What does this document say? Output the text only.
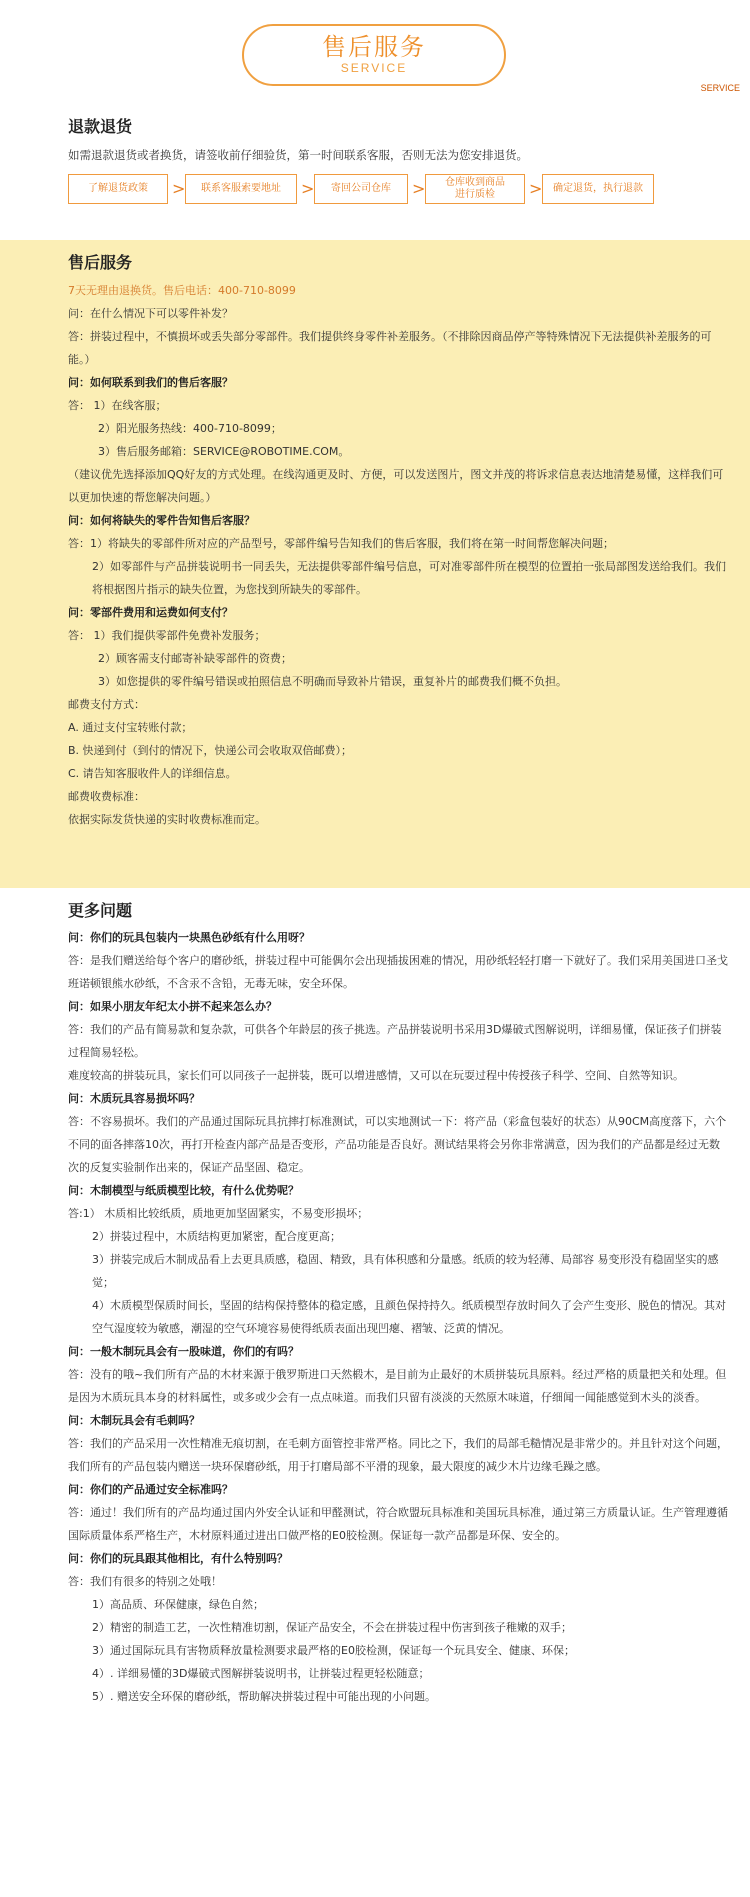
售后服务
SERVICE
SERVICE
退款退货
如需退款退货或者换货，请签收前仔细验货，第一时间联系客服，否则无法为您安排退货。
了解退货政策	>	联系客服索要地址	>	寄回公司仓库	>	仓库收到商品
进行质检	>	确定退货，执行退款
售后服务
7天无理由退换货。售后电话：400-710-8099

问：在什么情况下可以零件补发？

答：拼装过程中，不慎损坏或丢失部分零部件。我们提供终身零件补差服务。（不排除因商品停产等特殊情况下无法提供补差服务的可能。）

问：如何联系到我们的售后客服？

答： 1）在线客服；

2）阳光服务热线：400-710-8099；

3）售后服务邮箱：SERVICE@ROBOTIME.COM。

（建议优先选择添加QQ好友的方式处理。在线沟通更及时、方便，可以发送图片，图文并茂的将诉求信息表达地清楚易懂，这样我们可以更加快速的帮您解决问题。）

问：如何将缺失的零件告知售后客服？

答：1）将缺失的零部件所对应的产品型号，零部件编号告知我们的售后客服，我们将在第一时间帮您解决问题；

2）如零部件与产品拼装说明书一同丢失，无法提供零部件编号信息，可对准零部件所在模型的位置拍一张局部图发送给我们。我们将根据图片指示的缺失位置，为您找到所缺失的零部件。

问：零部件费用和运费如何支付？

答： 1）我们提供零部件免费补发服务；

2）顾客需支付邮寄补缺零部件的资费；

3）如您提供的零件编号错误或拍照信息不明确而导致补片错误，重复补片的邮费我们概不负担。

邮费支付方式：

A. 通过支付宝转账付款；

B. 快递到付（到付的情况下，快递公司会收取双倍邮费）；

C. 请告知客服收件人的详细信息。

邮费收费标准：

依据实际发货快递的实时收费标准而定。

更多问题

问：你们的玩具包装内一块黑色砂纸有什么用呀？

答：是我们赠送给每个客户的磨砂纸，拼装过程中可能偶尔会出现插拔困难的情况，用砂纸轻轻打磨一下就好了。我们采用美国进口圣戈班诺顿银熊水砂纸，不含汞不含铅，无毒无味，安全环保。

问：如果小朋友年纪太小拼不起来怎么办？

答：我们的产品有简易款和复杂款，可供各个年龄层的孩子挑选。产品拼装说明书采用3D爆破式图解说明，详细易懂，保证孩子们拼装过程简易轻松。

难度较高的拼装玩具，家长们可以同孩子一起拼装，既可以增进感情，又可以在玩耍过程中传授孩子科学、空间、自然等知识。

问：木质玩具容易损坏吗？

答：不容易损坏。我们的产品通过国际玩具抗摔打标准测试，可以实地测试一下：将产品（彩盒包装好的状态）从90CM高度落下，六个不同的面各摔落10次，再打开检查内部产品是否变形，产品功能是否良好。测试结果将会另你非常满意，因为我们的产品都是经过无数次的反复实验制作出来的，保证产品坚固、稳定。

问：木制模型与纸质模型比较，有什么优势呢？

答:1） 木质相比较纸质，质地更加坚固紧实，不易变形损坏；

2）拼装过程中，木质结构更加紧密，配合度更高；

3）拼装完成后木制成品看上去更具质感，稳固、精致，具有体积感和分量感。纸质的较为轻薄、局部容 易变形没有稳固坚实的感觉；

4）木质模型保质时间长，坚固的结构保持整体的稳定感，且颜色保持持久。纸质模型存放时间久了会产生变形、脱色的情况。其对空气湿度较为敏感，潮湿的空气环境容易使得纸质表面出现凹瘪、褶皱、泛黄的情况。

问：一般木制玩具会有一股味道，你们的有吗？

答：没有的哦~我们所有产品的木材来源于俄罗斯进口天然椴木，是目前为止最好的木质拼装玩具原料。经过严格的质量把关和处理。但是因为木质玩具本身的材料属性，或多或少会有一点点味道。而我们只留有淡淡的天然原木味道，仔细闻一闻能感觉到木头的淡香。

问：木制玩具会有毛刺吗？

答：我们的产品采用一次性精准无痕切割，在毛刺方面管控非常严格。同比之下，我们的局部毛糙情况是非常少的。并且针对这个问题，我们所有的产品包装内赠送一块环保磨砂纸，用于打磨局部不平滑的现象，最大限度的减少木片边缘毛躁之感。

问：你们的产品通过安全标准吗？

答：通过！我们所有的产品均通过国内外安全认证和甲醛测试，符合欧盟玩具标准和美国玩具标准，通过第三方质量认证。生产管理遵循国际质量体系严格生产，木材原料通过进出口做严格的E0胶检测。保证每一款产品都是环保、安全的。

问：你们的玩具跟其他相比，有什么特别吗？

答：我们有很多的特别之处哦！

1）高品质、环保健康，绿色自然；

2）精密的制造工艺，一次性精准切割，保证产品安全，不会在拼装过程中伤害到孩子稚嫩的双手；

3）通过国际玩具有害物质释放量检测要求最严格的E0胶检测，保证每一个玩具安全、健康、环保；

4）. 详细易懂的3D爆破式图解拼装说明书，让拼装过程更轻松随意；

5）. 赠送安全环保的磨砂纸，帮助解决拼装过程中可能出现的小问题。
